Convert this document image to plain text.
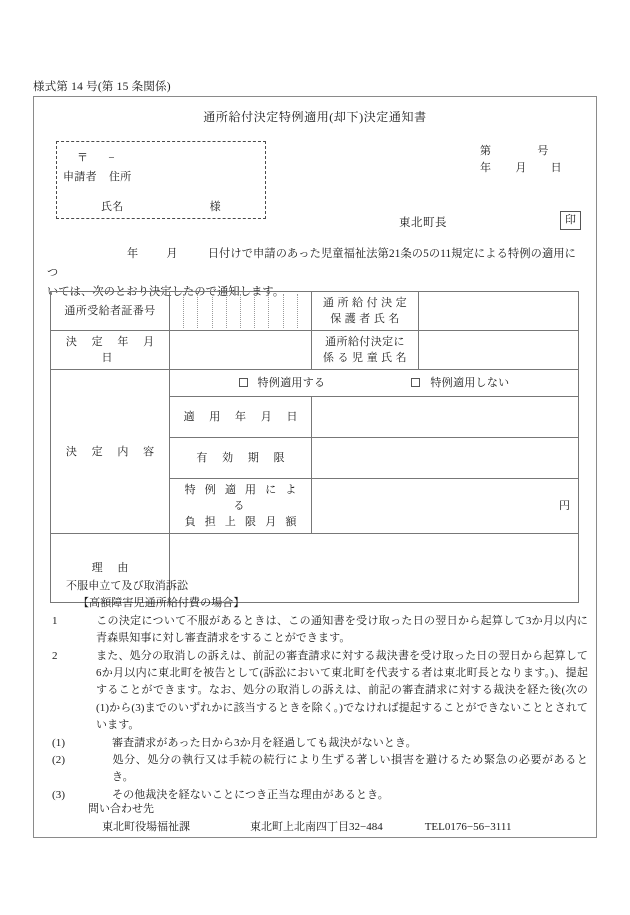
様式第 14 号(第 15 条関係)
通所給付決定特例適用(却下)決定通知書
〒 −
申請者 住所
氏名	様
第	号
年 月 日
東北町長	印
年	月	日付けで申請のあった児童福祉法第21条の5の11規定による特例の適用につ
いては、次のとおり決定したので通知します。
通所受給者証番号		通 所 給 付 決 定
保 護 者 氏 名	

決 定 年 月 日		通所給付決定に
係 る 児 童 氏 名	

決 定 内 容	特例適用する 特例適用しない		
	適 用 年 月 日		
	有 効 期 限		

	特 例 適 用 に よ る
負 担 上 限 月 額	円	
理 由			
不服申立て及び取消訴訟
【高額障害児通所給付費の場合】
1	この決定について不服があるときは、この通知書を受け取った日の翌日から起算して3か月以内に青森県知事に対し審査請求をすることができます。
2	また、処分の取消しの訴えは、前記の審査請求に対する裁決書を受け取った日の翌日から起算して6か月以内に東北町を被告として(訴訟において東北町を代表する者は東北町長となります。)、提起することができます。なお、処分の取消しの訴えは、前記の審査請求に対する裁決を経た後(次の(1)から(3)までのいずれかに該当するときを除く。)でなければ提起することができないこととされています。
(1)	審査請求があった日から3か月を経過しても裁決がないとき。
(2)	処分、処分の執行又は手続の続行により生ずる著しい損害を避けるため緊急の必要があるとき。
(3)	その他裁決を経ないことにつき正当な理由があるとき。
問い合わせ先
東北町役場福祉課	東北町上北南四丁目32−484	TEL0176−56−3111
